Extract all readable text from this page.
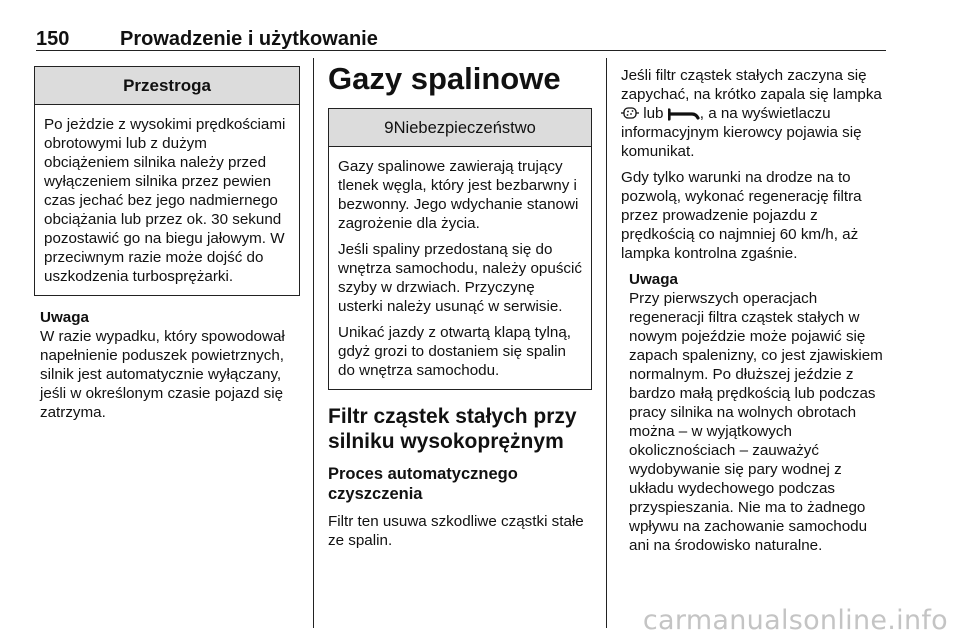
150	Prowadzenie i użytkowanie
Przestroga

Po jeżdzie z wysokimi prędkościami obrotowymi lub z dużym obciążeniem silnika należy przed wyłączeniem silnika przez pewien czas jechać bez jego nadmiernego obciążania lub przez ok. 30 sekund pozostawić go na biegu jałowym. W przeciwnym razie może dojść do uszkodzenia turbosprężarki.

Uwaga
W razie wypadku, który spowodował napełnienie poduszek powietrznych, silnik jest automatycznie wyłączany, jeśli w określonym czasie pojazd się zatrzyma.
Gazy spalinowe
9Niebezpieczeństwo

Gazy spalinowe zawierają trujący tlenek węgla, który jest bezbarwny i bezwonny. Jego wdychanie stanowi zagrożenie dla życia.

Jeśli spaliny przedostaną się do wnętrza samochodu, należy opuścić szyby w drzwiach. Przyczynę usterki należy usunąć w serwisie.

Unikać jazdy z otwartą klapą tylną, gdyż grozi to dostaniem się spalin do wnętrza samochodu.

Filtr cząstek stałych przy silniku wysokoprężnym
Proces automatycznego czyszczenia

Filtr ten usuwa szkodliwe cząstki stałe ze spalin.

Jeśli filtr cząstek stałych zaczyna się zapychać, na krótko zapala się lampka  lub , a na wyświetlaczu informacyjnym kierowcy pojawia się komunikat.

Gdy tylko warunki na drodze na to pozwolą, wykonać regenerację filtra przez prowadzenie pojazdu z prędkością co najmniej 60 km/h, aż lampka kontrolna zgaśnie.

Uwaga
Przy pierwszych operacjach regeneracji filtra cząstek stałych w nowym pojeździe może pojawić się zapach spalenizny, co jest zjawiskiem normalnym. Po dłuższej jeździe z bardzo małą prędkością lub podczas pracy silnika na wolnych obrotach można – w wyjątkowych okolicznościach – zauważyć wydobywanie się pary wodnej z układu wydechowego podczas przyspieszania. Nie ma to żadnego wpływu na zachowanie samochodu ani na środowisko naturalne.
carmanualsonline.info
